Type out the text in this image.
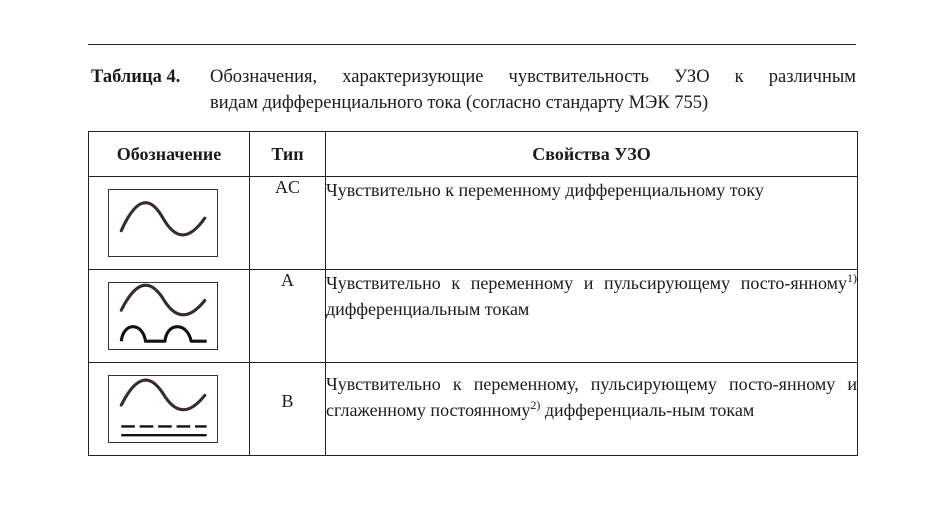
Таблица 4. Обозначения, характеризующие чувствительность УЗО к различным
видам дифференциального тока (согласно стандарту МЭК 755)
Обозначение	Тип	Свойства УЗО

	AC	Чувствительно к переменному дифференциальному току

	A	Чувствительно к переменному и пульсирующему посто-янному$^{1)}$ дифференциальным токам

	B	Чувствительно к переменному, пульсирующему посто-янному и сглаженному постоянному$^{2)}$ дифференциаль-ным токам
